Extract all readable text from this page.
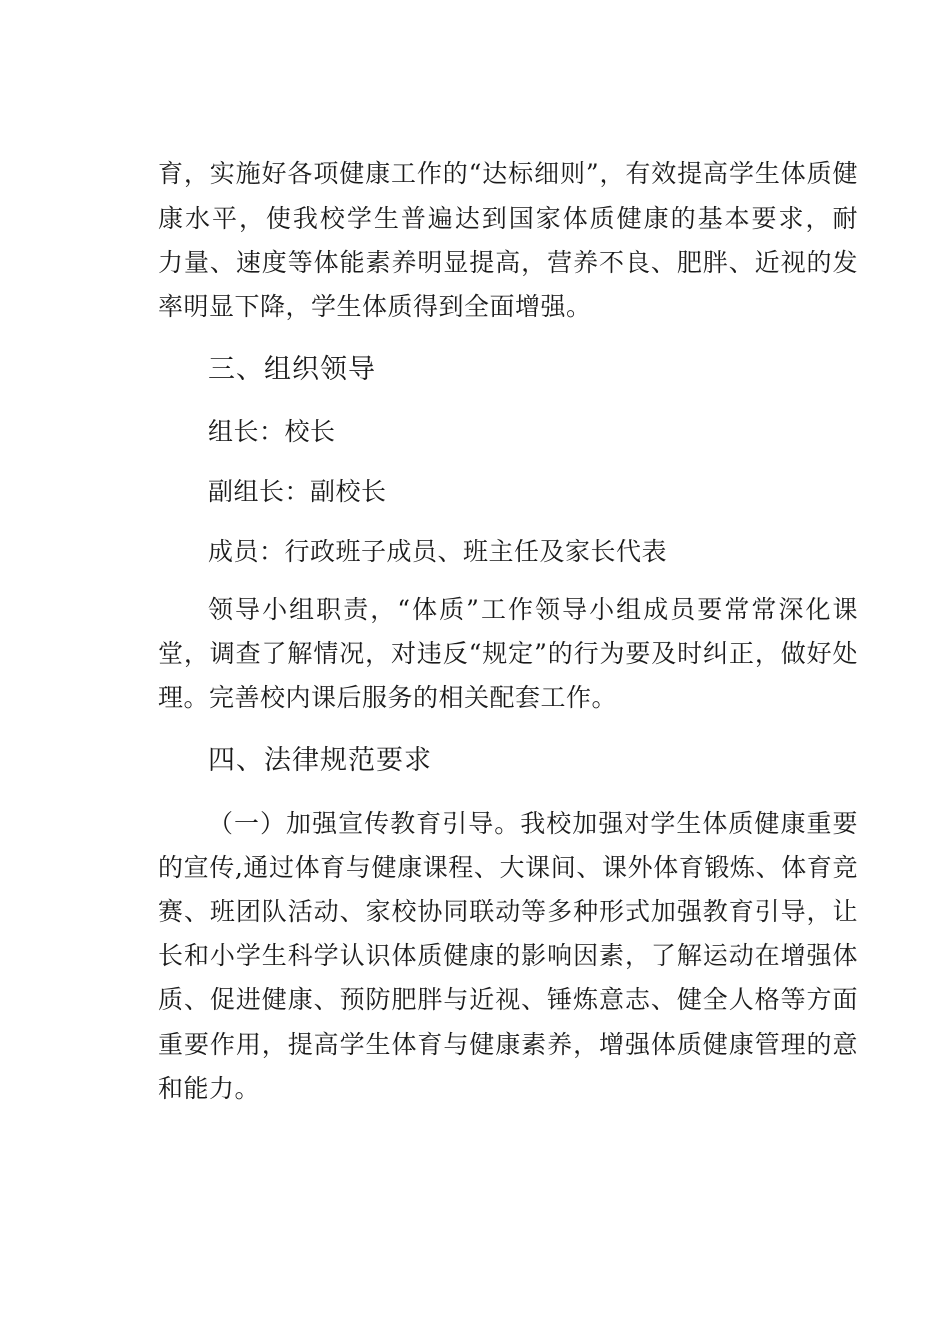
育，实施好各项健康工作的“达标细则”，有效提高学生体质健
康水平，使我校学生普遍达到国家体质健康的基本要求，耐
力量、速度等体能素养明显提高，营养不良、肥胖、近视的发
率明显下降，学生体质得到全面增强。
三、组织领导
组长：校长
副组长：副校长
成员：行政班子成员、班主任及家长代表
领导小组职责，“体质”工作领导小组成员要常常深化课
堂，调查了解情况，对违反“规定”的行为要及时纠正，做好处
理。完善校内课后服务的相关配套工作。
四、法律规范要求
（一）加强宣传教育引导。我校加强对学生体质健康重要
的宣传,通过体育与健康课程、大课间、课外体育锻炼、体育竞
赛、班团队活动、家校协同联动等多种形式加强教育引导，让
长和小学生科学认识体质健康的影响因素，了解运动在增强体
质、促进健康、预防肥胖与近视、锤炼意志、健全人格等方面
重要作用，提高学生体育与健康素养，增强体质健康管理的意
和能力。
